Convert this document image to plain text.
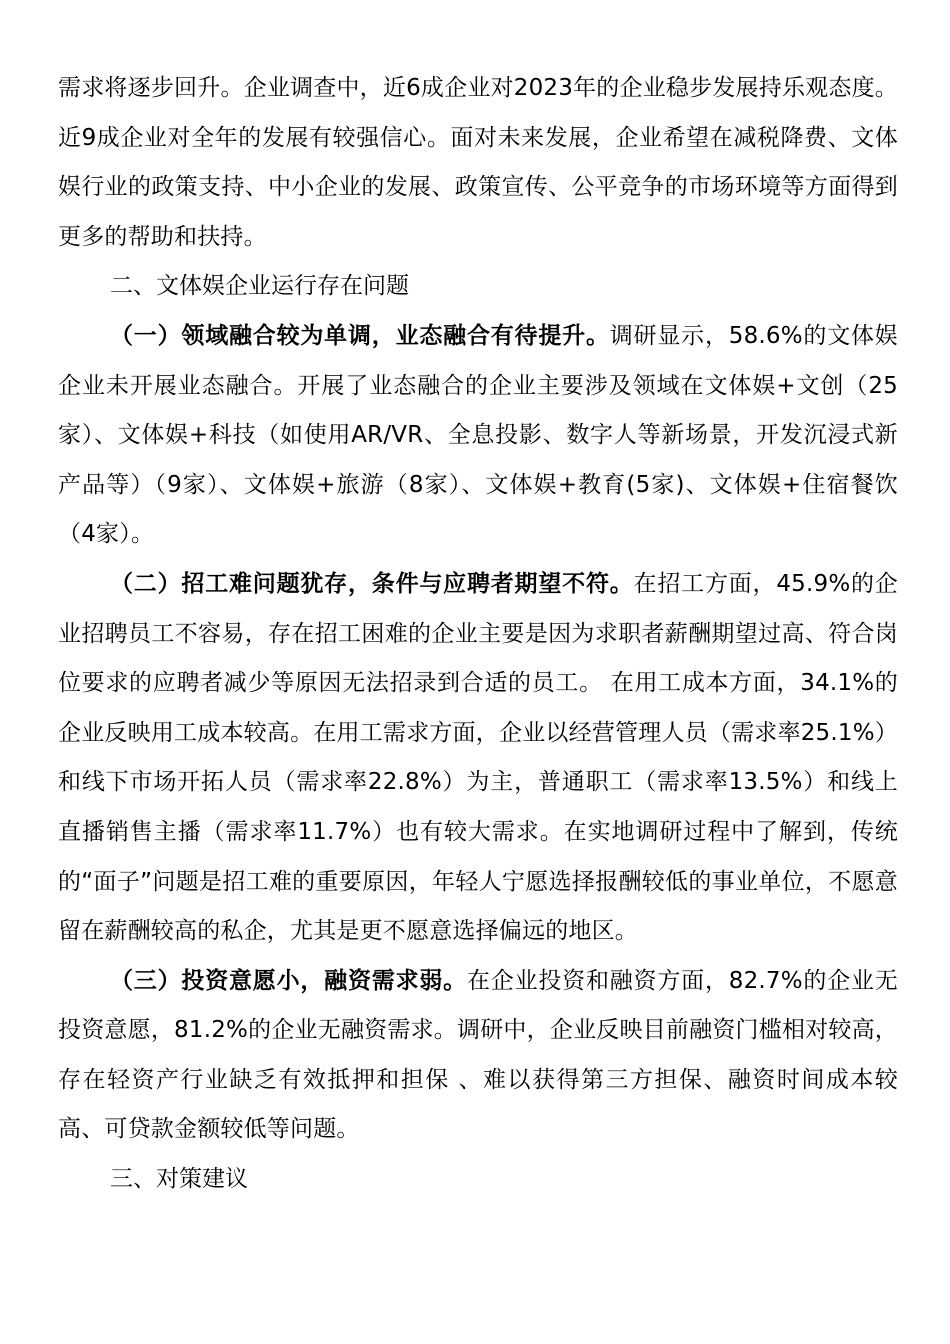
需求将逐步回升。企业调查中，近6成企业对2023年的企业稳步发展持乐观态度。近9成企业对全年的发展有较强信心。面对未来发展，企业希望在减税降费、文体娱行业的政策支持、中小企业的发展、政策宣传、公平竞争的市场环境等方面得到更多的帮助和扶持。

二、文体娱企业运行存在问题

（一）领域融合较为单调，业态融合有待提升。调研显示，58.6%的文体娱企业未开展业态融合。开展了业态融合的企业主要涉及领域在文体娱+文创（25家）、文体娱+科技（如使用AR/VR、全息投影、数字人等新场景，开发沉浸式新产品等）（9家）、文体娱+旅游（8家）、文体娱+教育(5家)、文体娱+住宿餐饮（4家）。

（二）招工难问题犹存，条件与应聘者期望不符。在招工方面，45.9%的企业招聘员工不容易，存在招工困难的企业主要是因为求职者薪酬期望过高、符合岗位要求的应聘者减少等原因无法招录到合适的员工。 在用工成本方面，34.1%的企业反映用工成本较高。在用工需求方面，企业以经营管理人员（需求率25.1%）和线下市场开拓人员（需求率22.8%）为主，普通职工（需求率13.5%）和线上直播销售主播（需求率11.7%）也有较大需求。在实地调研过程中了解到，传统的“面子”问题是招工难的重要原因，年轻人宁愿选择报酬较低的事业单位，不愿意留在薪酬较高的私企，尤其是更不愿意选择偏远的地区。

（三）投资意愿小，融资需求弱。在企业投资和融资方面，82.7%的企业无投资意愿，81.2%的企业无融资需求。调研中，企业反映目前融资门槛相对较高，存在轻资产行业缺乏有效抵押和担保 、难以获得第三方担保、融资时间成本较高、可贷款金额较低等问题。

三、对策建议
